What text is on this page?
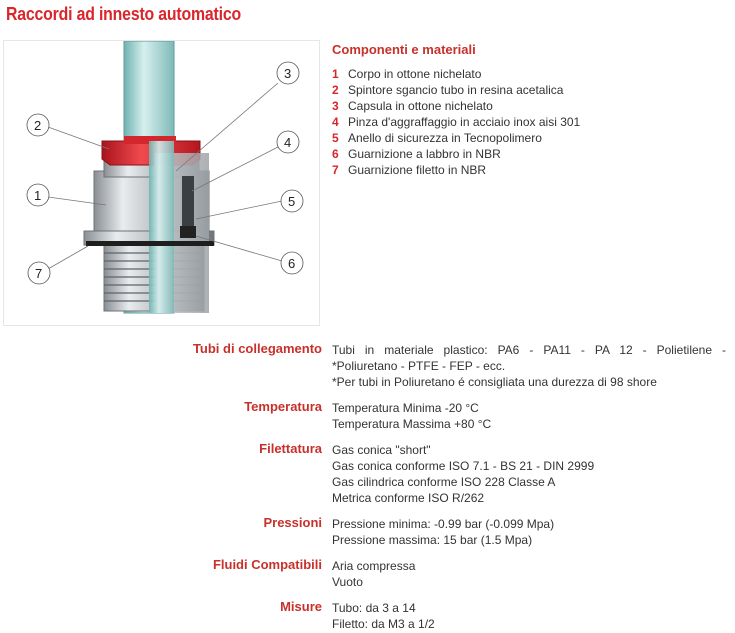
Raccordi ad innesto automatico
3
2
4
1	5
6
7
Componenti e materiali
1 Corpo in ottone nichelato
2 Spintore sgancio tubo in resina acetalica
3 Capsula in ottone nichelato
4 Pinza d'aggraffaggio in acciaio inox aisi 301
5 Anello di sicurezza in Tecnopolimero
6 Guarnizione a labbro in NBR
7 Guarnizione filetto in NBR
Tubi di collegamento Tubi in materiale plastico: PA6 - PA11 - PA 12 - Polietilene -
*Poliuretano - PTFE - FEP - ecc.
*Per tubi in Poliuretano é consigliata una durezza di 98 shore
Temperatura Temperatura Minima -20 °C
Temperatura Massima +80 °C
Filettatura Gas conica "short"
Gas conica conforme ISO 7.1 - BS 21 - DIN 2999
Gas cilindrica conforme ISO 228 Classe A
Metrica conforme ISO R/262
Pressioni Pressione minima: -0.99 bar (-0.099 Mpa)
Pressione massima: 15 bar (1.5 Mpa)
Fluidi Compatibili Aria compressa
Vuoto
Misure Tubo: da 3 a 14
Filetto: da M3 a 1/2
